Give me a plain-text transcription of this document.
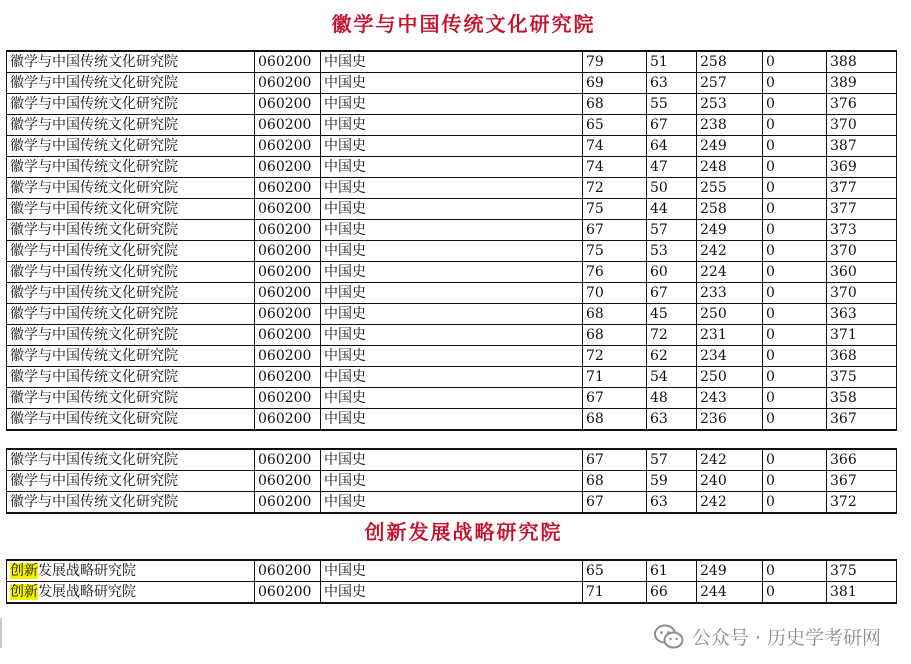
徽学与中国传统文化研究院
徽学与中国传统文化研究院	060200	中国史	79	51	258	0	388
徽学与中国传统文化研究院	060200	中国史	69	63	257	0	389
徽学与中国传统文化研究院	060200	中国史	68	55	253	0	376
徽学与中国传统文化研究院	060200	中国史	65	67	238	0	370
徽学与中国传统文化研究院	060200	中国史	74	64	249	0	387
徽学与中国传统文化研究院	060200	中国史	74	47	248	0	369
徽学与中国传统文化研究院	060200	中国史	72	50	255	0	377
徽学与中国传统文化研究院	060200	中国史	75	44	258	0	377
徽学与中国传统文化研究院	060200	中国史	67	57	249	0	373
徽学与中国传统文化研究院	060200	中国史	75	53	242	0	370
徽学与中国传统文化研究院	060200	中国史	76	60	224	0	360
徽学与中国传统文化研究院	060200	中国史	70	67	233	0	370
徽学与中国传统文化研究院	060200	中国史	68	45	250	0	363
徽学与中国传统文化研究院	060200	中国史	68	72	231	0	371
徽学与中国传统文化研究院	060200	中国史	72	62	234	0	368
徽学与中国传统文化研究院	060200	中国史	71	54	250	0	375
徽学与中国传统文化研究院	060200	中国史	67	48	243	0	358
徽学与中国传统文化研究院	060200	中国史	68	63	236	0	367
徽学与中国传统文化研究院	060200	中国史	67	57	242	0	366
徽学与中国传统文化研究院	060200	中国史	68	59	240	0	367
徽学与中国传统文化研究院	060200	中国史	67	63	242	0	372
创新发展战略研究院
创新发展战略研究院	060200	中国史	65	61	249	0	375
创新发展战略研究院	060200	中国史	71	66	244	0	381
公众号 · 历史学考研网
